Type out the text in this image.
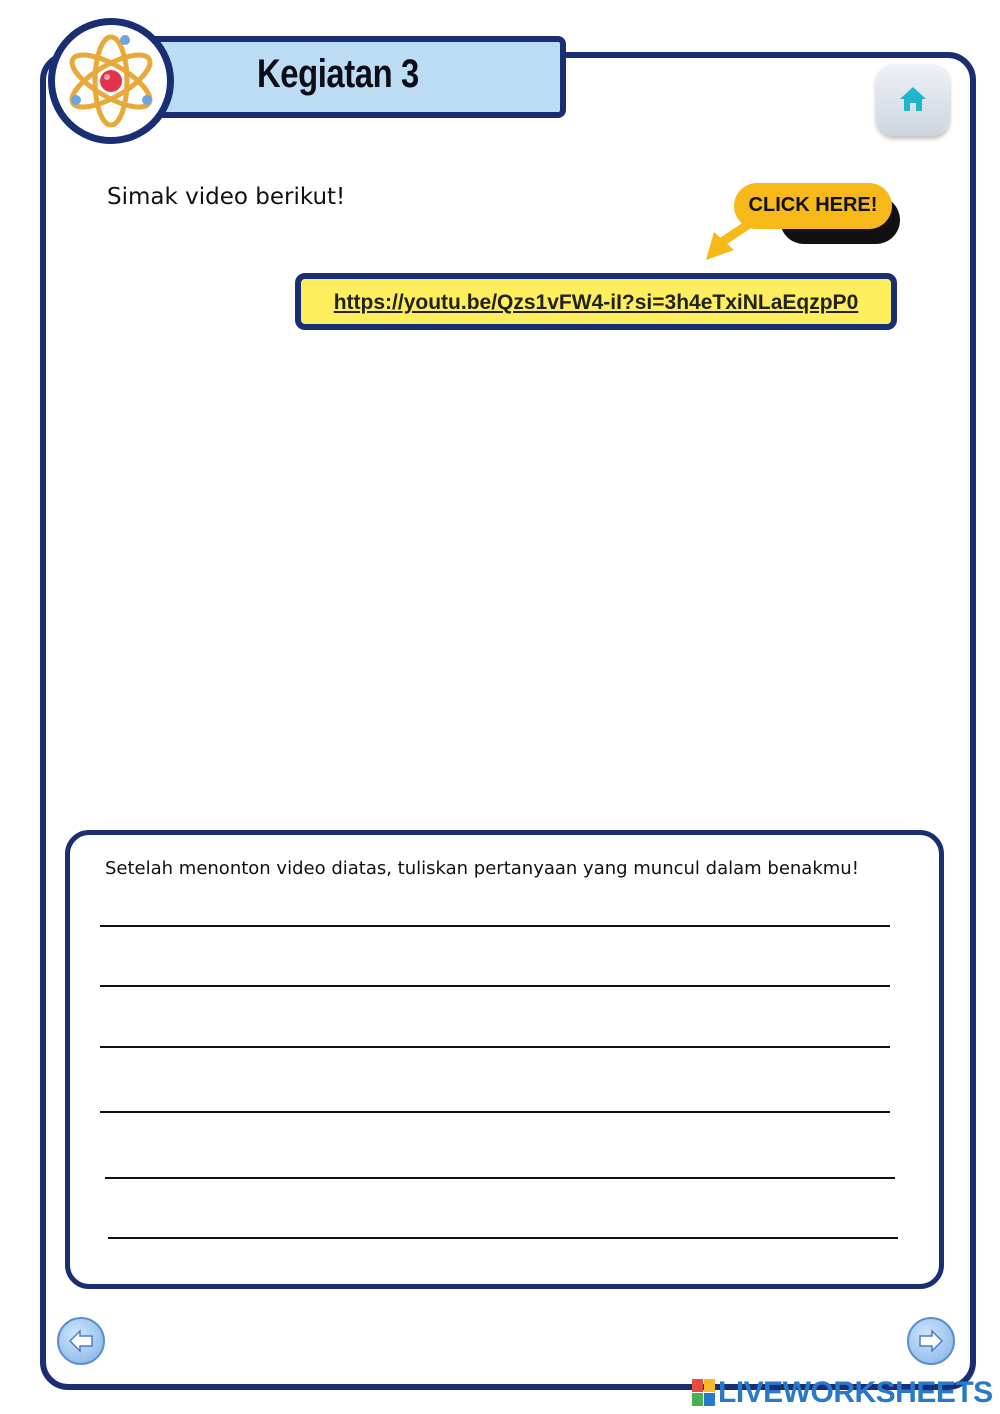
Kegiatan 3
Simak video berikut!	CLICK HERE!
https://youtu.be/Qzs1vFW4-iI?si=3h4eTxiNLaEqzpP0
Setelah menonton video diatas, tuliskan pertanyaan yang muncul dalam benakmu!
LIVEWORKSHEETS
